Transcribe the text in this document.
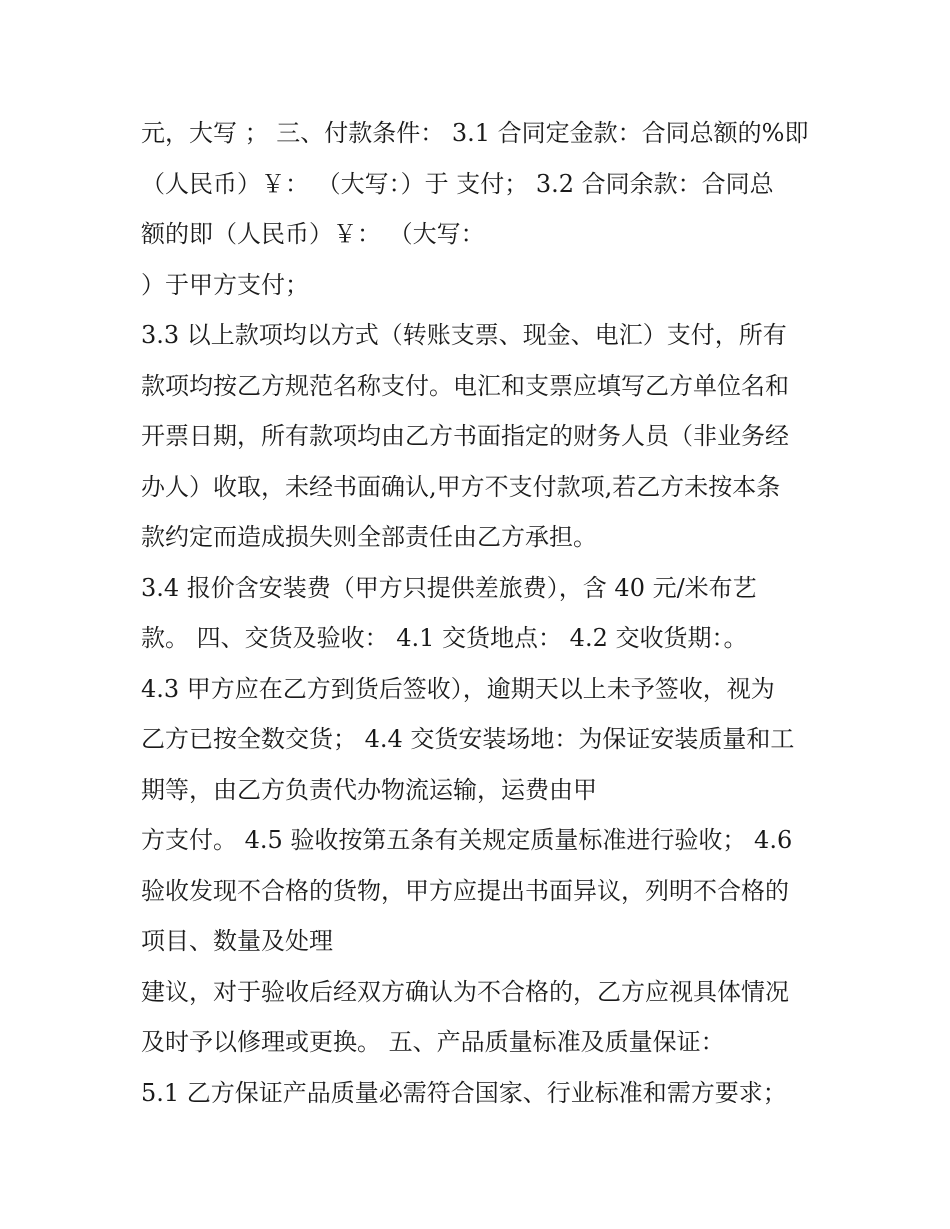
元，大写 ； 三、付款条件： 3.1 合同定金款：合同总额的%即
（人民币）￥： （大写：）于 支付； 3.2 合同余款：合同总
额的即（人民币）￥： （大写：
）于甲方支付；
3.3 以上款项均以方式（转账支票、现金、电汇）支付，所有
款项均按乙方规范名称支付。电汇和支票应填写乙方单位名和
开票日期，所有款项均由乙方书面指定的财务人员（非业务经
办人）收取，未经书面确认,甲方不支付款项,若乙方未按本条
款约定而造成损失则全部责任由乙方承担。
3.4 报价含安装费（甲方只提供差旅费），含 40 元/米布艺
款。 四、交货及验收： 4.1 交货地点： 4.2 交收货期：。
4.3 甲方应在乙方到货后签收），逾期天以上未予签收，视为
乙方已按全数交货； 4.4 交货安装场地：为保证安装质量和工
期等，由乙方负责代办物流运输，运费由甲
方支付。 4.5 验收按第五条有关规定质量标准进行验收； 4.6
验收发现不合格的货物，甲方应提出书面异议，列明不合格的
项目、数量及处理
建议，对于验收后经双方确认为不合格的，乙方应视具体情况
及时予以修理或更换。 五、产品质量标准及质量保证：
5.1 乙方保证产品质量必需符合国家、行业标准和需方要求；
